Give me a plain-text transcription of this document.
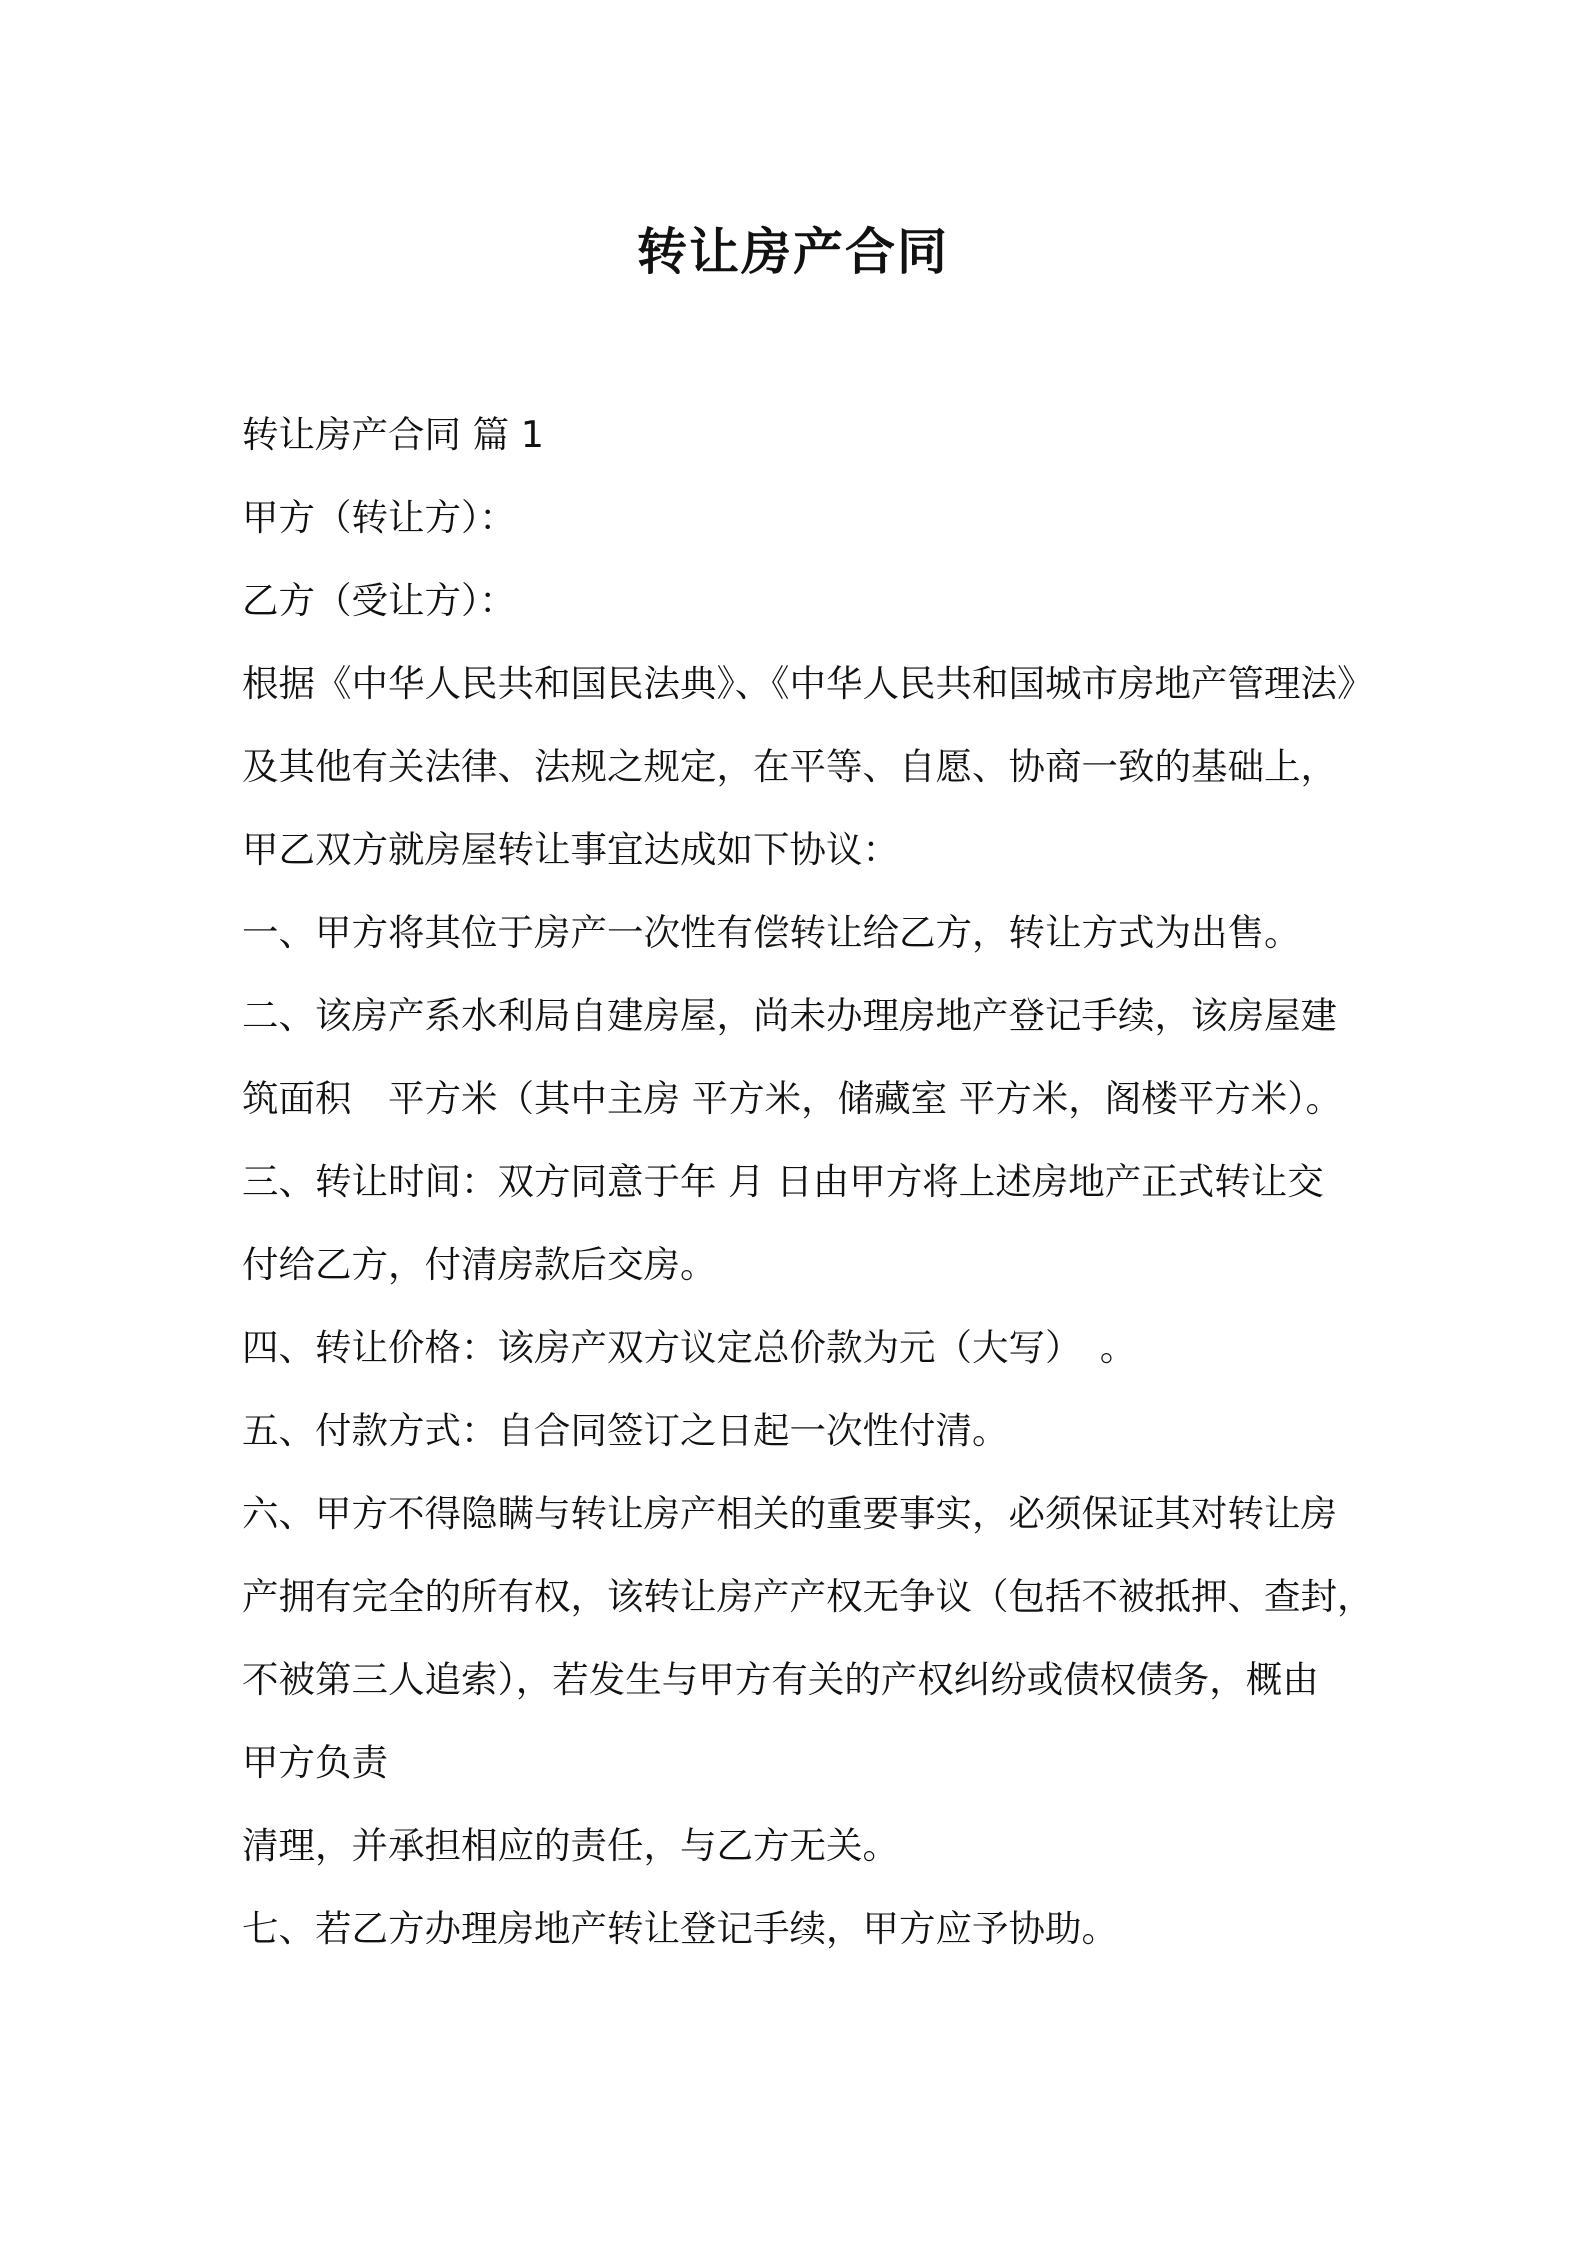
转让房产合同

转让房产合同 篇 1

甲方（转让方）：

乙方（受让方）：

根据《中华人民共和国民法典》、《中华人民共和国城市房地产管理法》

及其他有关法律、法规之规定，在平等、自愿、协商一致的基础上，

甲乙双方就房屋转让事宜达成如下协议：

一、甲方将其位于房产一次性有偿转让给乙方，转让方式为出售。

二、该房产系水利局自建房屋，尚未办理房地产登记手续，该房屋建

筑面积　平方米（其中主房 平方米，储藏室 平方米，阁楼平方米）。

三、转让时间：双方同意于年 月 日由甲方将上述房地产正式转让交

付给乙方，付清房款后交房。

四、转让价格：该房产双方议定总价款为元（大写）　。

五、付款方式：自合同签订之日起一次性付清。

六、甲方不得隐瞒与转让房产相关的重要事实，必须保证其对转让房

产拥有完全的所有权，该转让房产产权无争议（包括不被抵押、查封，

不被第三人追索），若发生与甲方有关的产权纠纷或债权债务，概由

甲方负责

清理，并承担相应的责任，与乙方无关。

七、若乙方办理房地产转让登记手续，甲方应予协助。
